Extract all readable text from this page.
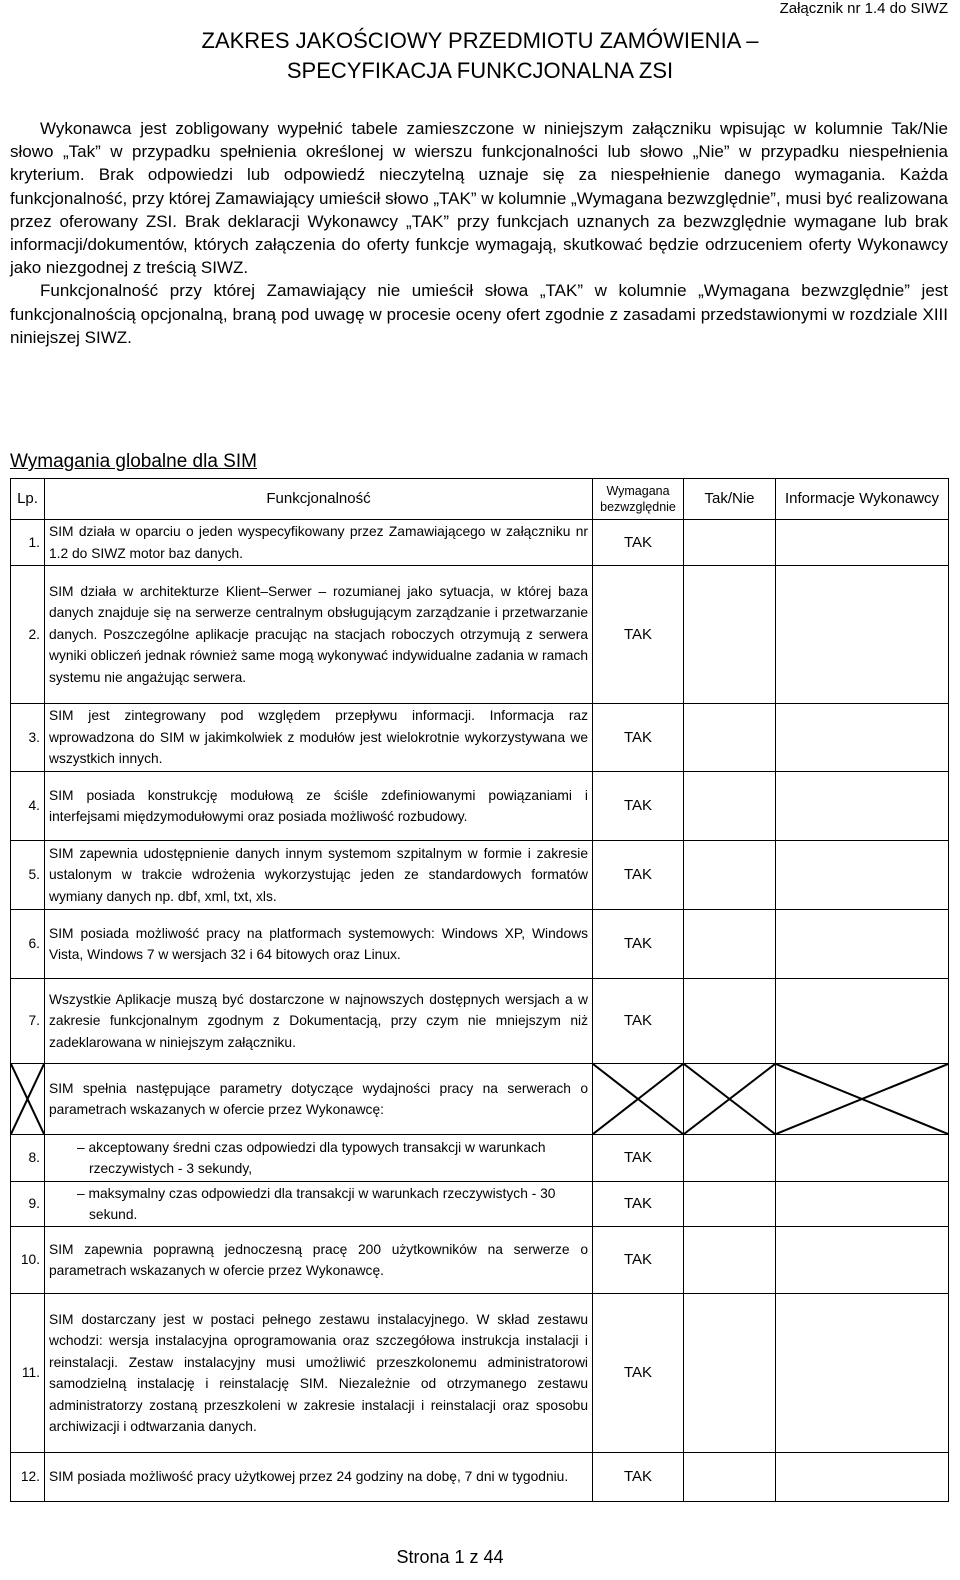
Załącznik nr 1.4 do SIWZ
ZAKRES JAKOŚCIOWY PRZEDMIOTU ZAMÓWIENIA –
SPECYFIKACJA FUNKCJONALNA ZSI

Wykonawca jest zobligowany wypełnić tabele zamieszczone w niniejszym załączniku wpisując w kolumnie Tak/Nie słowo „Tak” w przypadku spełnienia określonej w wierszu funkcjonalności lub słowo „Nie” w przypadku niespełnienia kryterium. Brak odpowiedzi lub odpowiedź nieczytelną uznaje się za niespełnienie danego wymagania. Każda funkcjonalność, przy której Zamawiający umieścił słowo „TAK” w kolumnie „Wymagana bezwzględnie”, musi być realizowana przez oferowany ZSI. Brak deklaracji Wykonawcy „TAK” przy funkcjach uznanych za bezwzględnie wymagane lub brak informacji/dokumentów, których załączenia do oferty funkcje wymagają, skutkować będzie odrzuceniem oferty Wykonawcy jako niezgodnej z treścią SIWZ.

Funkcjonalność przy której Zamawiający nie umieścił słowa „TAK” w kolumnie „Wymagana bezwzględnie” jest funkcjonalnością opcjonalną, braną pod uwagę w procesie oceny ofert zgodnie z zasadami przedstawionymi w rozdziale XIII niniejszej SIWZ.

Wymagania globalne dla SIM
Lp.	Funkcjonalność	Wymagana bezwzględnie	Tak/Nie	Informacje Wykonawcy
1.	SIM działa w oparciu o jeden wyspecyfikowany przez Zamawiającego w załączniku nr 1.2 do SIWZ motor baz danych.	TAK		
2.	SIM działa w architekturze Klient–Serwer – rozumianej jako sytuacja, w której baza danych znajduje się na serwerze centralnym obsługującym zarządzanie i przetwarzanie danych. Poszczególne aplikacje pracując na stacjach roboczych otrzymują z serwera wyniki obliczeń jednak również same mogą wykonywać indywidualne zadania w ramach systemu nie angażując serwera.	TAK		
3.	SIM jest zintegrowany pod względem przepływu informacji. Informacja raz wprowadzona do SIM w jakimkolwiek z modułów jest wielokrotnie wykorzystywana we wszystkich innych.	TAK		
4.	SIM posiada konstrukcję modułową ze ściśle zdefiniowanymi powiązaniami i interfejsami międzymodułowymi oraz posiada możliwość rozbudowy.	TAK		
5.	SIM zapewnia udostępnienie danych innym systemom szpitalnym w formie i zakresie ustalonym w trakcie wdrożenia wykorzystując jeden ze standardowych formatów wymiany danych np. dbf, xml, txt, xls.	TAK		
6.	SIM posiada możliwość pracy na platformach systemowych: Windows XP, Windows Vista, Windows 7 w wersjach 32 i 64 bitowych oraz Linux.	TAK		
7.	Wszystkie Aplikacje muszą być dostarczone w najnowszych dostępnych wersjach a w zakresie funkcjonalnym zgodnym z Dokumentacją, przy czym nie mniejszym niż zadeklarowana w niniejszym załączniku.	TAK		

	SIM spełnia następujące parametry dotyczące wydajności pracy na serwerach o parametrach wskazanych w ofercie przez Wykonawcę:	

8.	– akceptowany średni czas odpowiedzi dla typowych transakcji w warunkach rzeczywistych - 3 sekundy,	TAK		
9.	– maksymalny czas odpowiedzi dla transakcji w warunkach rzeczywistych - 30 sekund.	TAK		
10.	SIM zapewnia poprawną jednoczesną pracę 200 użytkowników na serwerze o parametrach wskazanych w ofercie przez Wykonawcę.	TAK		
11.	SIM dostarczany jest w postaci pełnego zestawu instalacyjnego. W skład zestawu wchodzi: wersja instalacyjna oprogramowania oraz szczegółowa instrukcja instalacji i reinstalacji. Zestaw instalacyjny musi umożliwić przeszkolonemu administratorowi samodzielną instalację i reinstalację SIM. Niezależnie od otrzymanego zestawu administratorzy zostaną przeszkoleni w zakresie instalacji i reinstalacji oraz sposobu archiwizacji i odtwarzania danych.	TAK		
12.	SIM posiada możliwość pracy użytkowej przez 24 godziny na dobę, 7 dni w tygodniu.	TAK		
Strona 1 z 44
